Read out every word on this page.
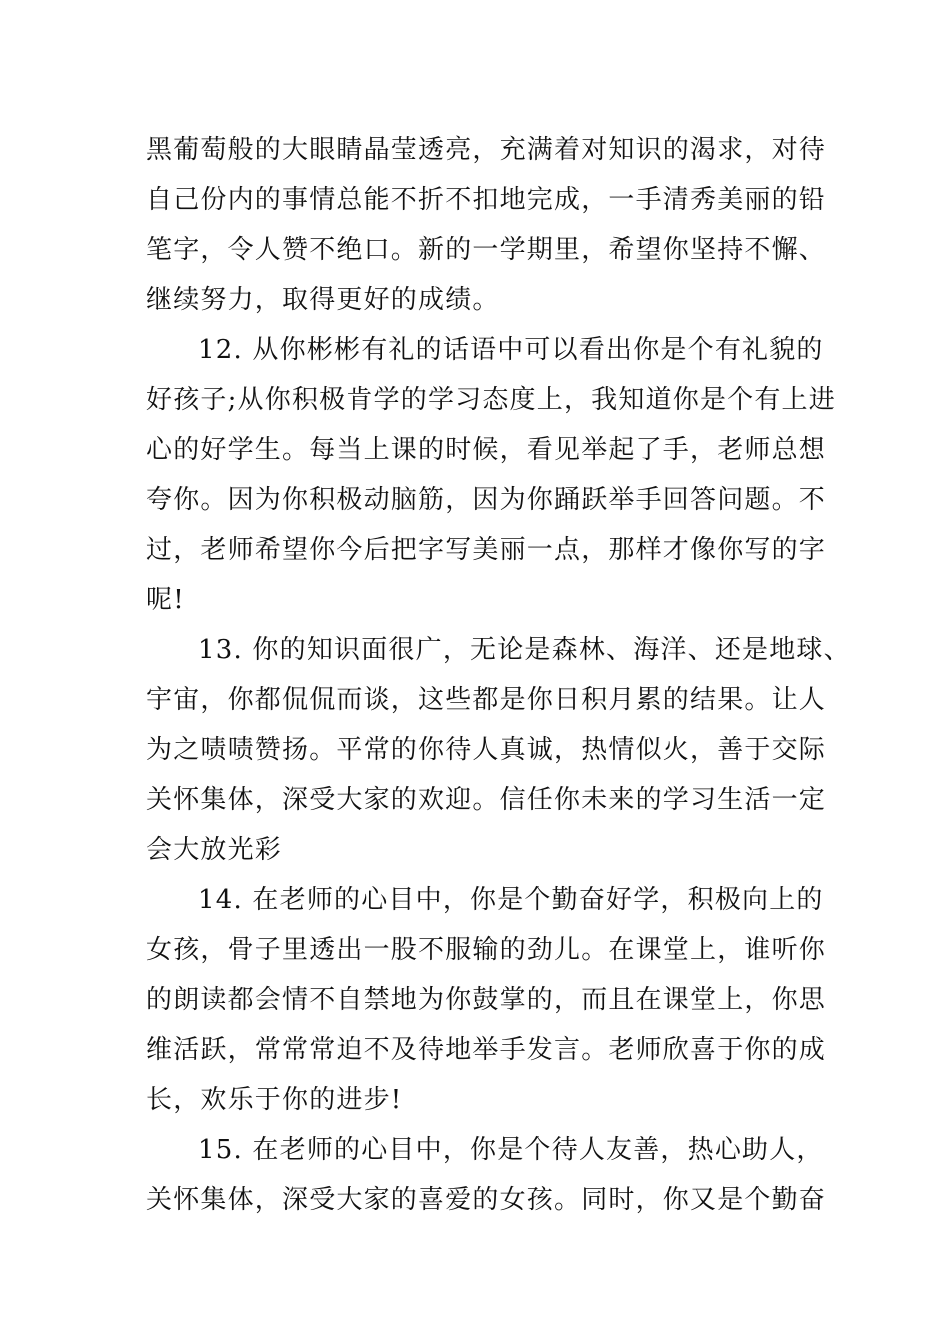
黑葡萄般的大眼睛晶莹透亮，充满着对知识的渴求，对待
自己份内的事情总能不折不扣地完成，一手清秀美丽的铅
笔字，令人赞不绝口。新的一学期里，希望你坚持不懈、
继续努力，取得更好的成绩。
12. 从你彬彬有礼的话语中可以看出你是个有礼貌的
好孩子;从你积极肯学的学习态度上，我知道你是个有上进
心的好学生。每当上课的时候，看见举起了手，老师总想
夸你。因为你积极动脑筋，因为你踊跃举手回答问题。不
过，老师希望你今后把字写美丽一点，那样才像你写的字
呢!
13. 你的知识面很广，无论是森林、海洋、还是地球、
宇宙，你都侃侃而谈，这些都是你日积月累的结果。让人
为之啧啧赞扬。平常的你待人真诚，热情似火，善于交际
关怀集体，深受大家的欢迎。信任你未来的学习生活一定
会大放光彩
14. 在老师的心目中，你是个勤奋好学，积极向上的
女孩，骨子里透出一股不服输的劲儿。在课堂上，谁听你
的朗读都会情不自禁地为你鼓掌的，而且在课堂上，你思
维活跃，常常常迫不及待地举手发言。老师欣喜于你的成
长，欢乐于你的进步!
15. 在老师的心目中，你是个待人友善，热心助人，
关怀集体，深受大家的喜爱的女孩。同时，你又是个勤奋
